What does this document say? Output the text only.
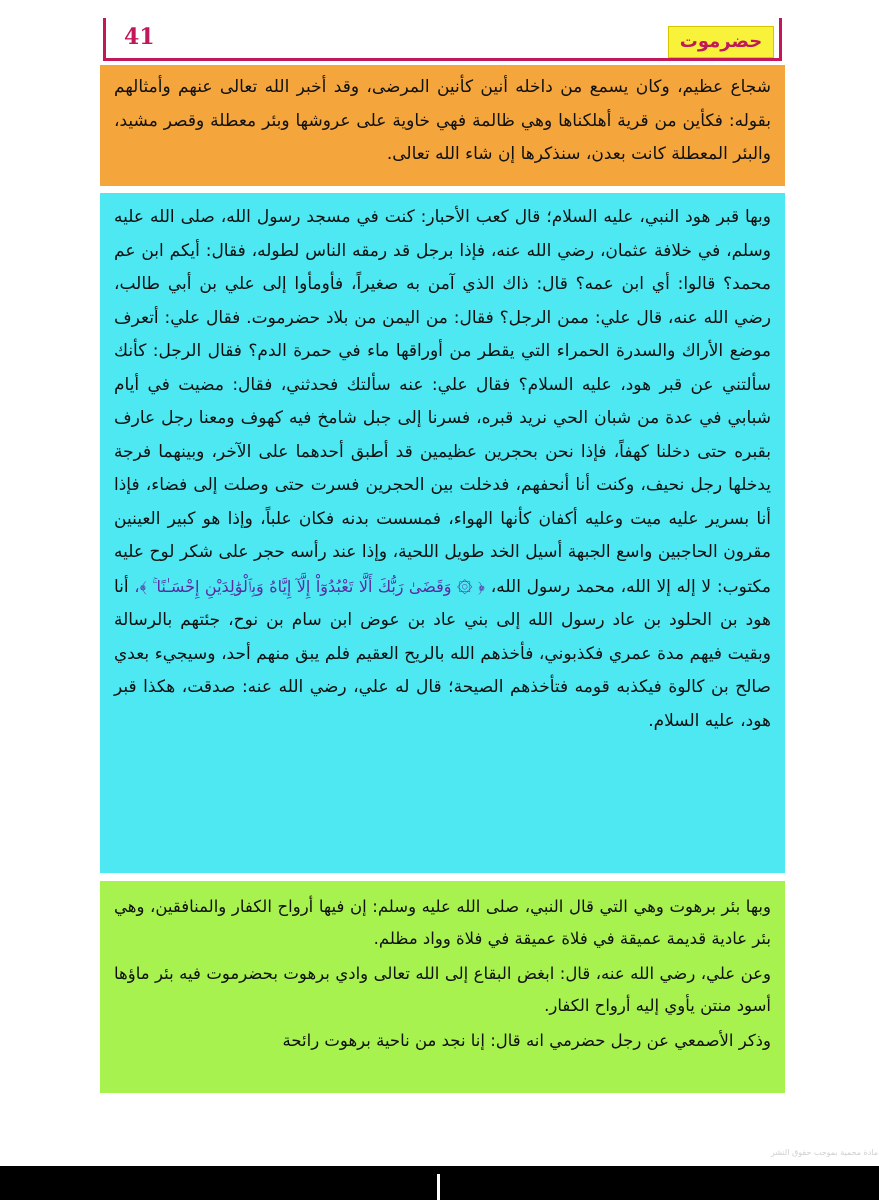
41	حضرموت

شجاع عظيم، وكان يسمع من داخله أنين كأنين المرضى، وقد أخبر الله تعالى عنهم وأمثالهم بقوله: فكأين من قرية أهلكناها وهي ظالمة فهي خاوية على عروشها وبئر معطلة وقصر مشيد، والبئر المعطلة كانت بعدن، سنذكرها إن شاء الله تعالى.

وبها قبر هود النبي، عليه السلام؛ قال كعب الأحبار: كنت في مسجد رسول الله، صلى الله عليه وسلم، في خلافة عثمان، رضي الله عنه، فإذا برجل قد رمقه الناس لطوله، فقال: أيكم ابن عم محمد؟ قالوا: أي ابن عمه؟ قال: ذاك الذي آمن به صغيراً، فأومأوا إلى علي بن أبي طالب، رضي الله عنه، قال علي: ممن الرجل؟ فقال: من اليمن من بلاد حضرموت. فقال علي: أتعرف موضع الأراك والسدرة الحمراء التي يقطر من أوراقها ماء في حمرة الدم؟ فقال الرجل: كأنك سألتني عن قبر هود، عليه السلام؟ فقال علي: عنه سألتك فحدثني، فقال: مضيت في أيام شبابي في عدة من شبان الحي نريد قبره، فسرنا إلى جبل شامخ فيه كهوف ومعنا رجل عارف بقبره حتى دخلنا كهفاً، فإذا نحن بحجرين عظيمين قد أطبق أحدهما على الآخر، وبينهما فرجة يدخلها رجل نحيف، وكنت أنا أنحفهم، فدخلت بين الحجرين فسرت حتى وصلت إلى فضاء، فإذا أنا بسرير عليه ميت وعليه أكفان كأنها الهواء، فمسست بدنه فكان علباً، وإذا هو كبير العينين مقرون الحاجبين واسع الجبهة أسيل الخد طويل اللحية، وإذا عند رأسه حجر على شكر لوح عليه مكتوب: لا إله إلا الله، محمد رسول الله، ﴿ ۞ وَقَضَىٰ رَبُّكَ أَلَّا تَعْبُدُوٓاْ إِلَّآ إِيَّاهُ وَبِٱلْوَٰلِدَيْنِ إِحْسَـٰنًا ۚ ﴾، أنا هود بن الحلود بن عاد رسول الله إلى بني عاد بن عوض ابن سام بن نوح، جئتهم بالرسالة وبقيت فيهم مدة عمري فكذبوني، فأخذهم الله بالريح العقيم فلم يبق منهم أحد، وسيجيء بعدي صالح بن كالوة فيكذبه قومه فتأخذهم الصيحة؛ قال له علي، رضي الله عنه: صدقت، هكذا قبر هود، عليه السلام.

وبها بئر برهوت وهي التي قال النبي، صلى الله عليه وسلم: إن فيها أرواح الكفار والمنافقين، وهي بئر عادية قديمة عميقة في فلاة عميقة في فلاة وواد مظلم.

وعن علي، رضي الله عنه، قال: ابغض البقاع إلى الله تعالى وادي برهوت بحضرموت فيه بئر ماؤها أسود منتن يأوي إليه أرواح الكفار.

وذكر الأصمعي عن رجل حضرمي انه قال: إنا نجد من ناحية برهوت رائحة

مادة محمية بموجب حقوق النشر
